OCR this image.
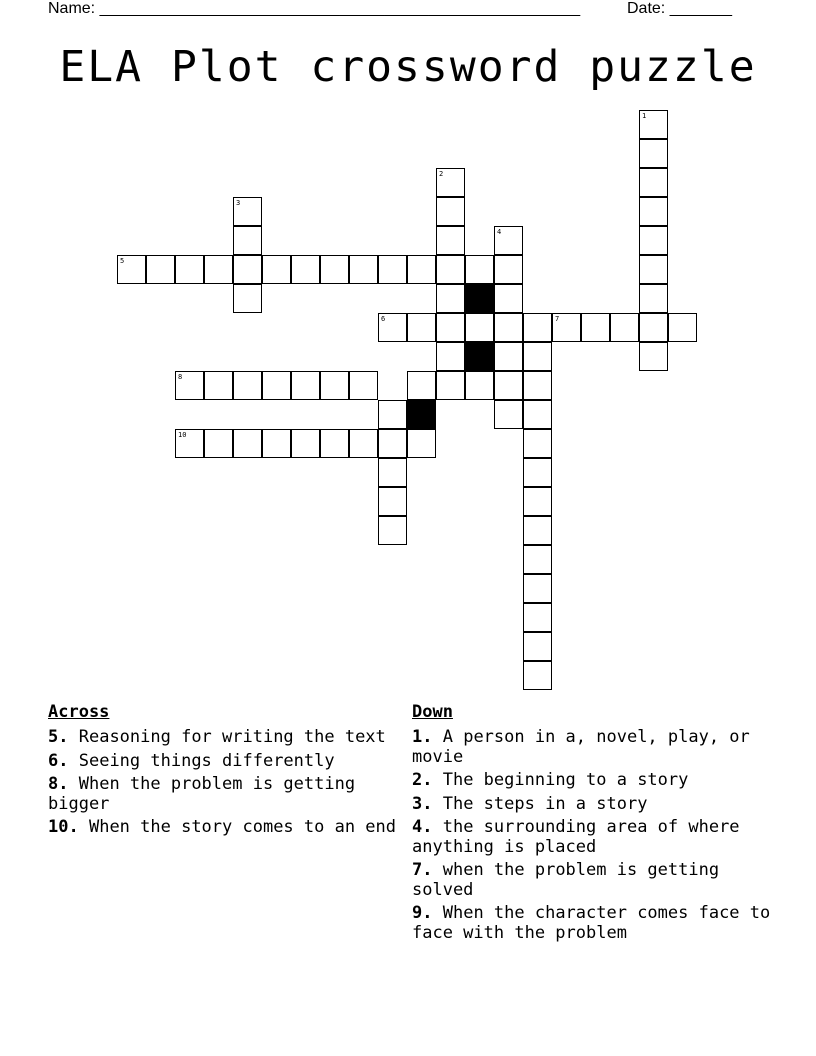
Name: ______________________________________________________	Date: _______
ELA Plot crossword puzzle
1
2
3
4
5
6	7
8
10
Across
5. Reasoning for writing the text
6. Seeing things differently
8. When the problem is getting bigger
10. When the story comes to an end
Down
1. A person in a, novel, play, or movie
2. The beginning to a story
3. The steps in a story
4. the surrounding area of where anything is placed
7. when the problem is getting solved
9. When the character comes face to face with the problem
